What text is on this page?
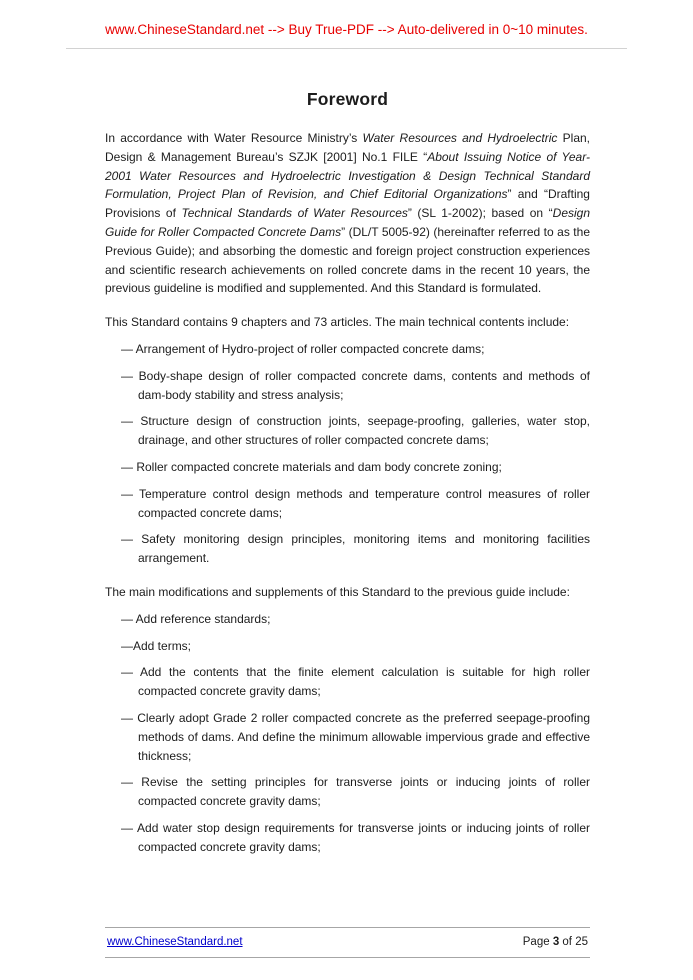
www.ChineseStandard.net --> Buy True-PDF --> Auto-delivered in 0~10 minutes.
Foreword
In accordance with Water Resource Ministry’s Water Resources and Hydroelectric Plan, Design & Management Bureau’s SZJK [2001] No.1 FILE “About Issuing Notice of Year-2001 Water Resources and Hydroelectric Investigation & Design Technical Standard Formulation, Project Plan of Revision, and Chief Editorial Organizations” and “Drafting Provisions of Technical Standards of Water Resources” (SL 1-2002); based on “Design Guide for Roller Compacted Concrete Dams” (DL/T 5005-92) (hereinafter referred to as the Previous Guide); and absorbing the domestic and foreign project construction experiences and scientific research achievements on rolled concrete dams in the recent 10 years, the previous guideline is modified and supplemented. And this Standard is formulated.
This Standard contains 9 chapters and 73 articles. The main technical contents include:
— Arrangement of Hydro-project of roller compacted concrete dams;
— Body-shape design of roller compacted concrete dams, contents and methods of dam-body stability and stress analysis;
— Structure design of construction joints, seepage-proofing, galleries, water stop, drainage, and other structures of roller compacted concrete dams;
— Roller compacted concrete materials and dam body concrete zoning;
— Temperature control design methods and temperature control measures of roller compacted concrete dams;
— Safety monitoring design principles, monitoring items and monitoring facilities arrangement.
The main modifications and supplements of this Standard to the previous guide include:
— Add reference standards;
—Add terms;
— Add the contents that the finite element calculation is suitable for high roller compacted concrete gravity dams;
— Clearly adopt Grade 2 roller compacted concrete as the preferred seepage-proofing methods of dams. And define the minimum allowable impervious grade and effective thickness;
— Revise the setting principles for transverse joints or inducing joints of roller compacted concrete gravity dams;
— Add water stop design requirements for transverse joints or inducing joints of roller compacted concrete gravity dams;
www.ChineseStandard.net	Page 3 of 25
